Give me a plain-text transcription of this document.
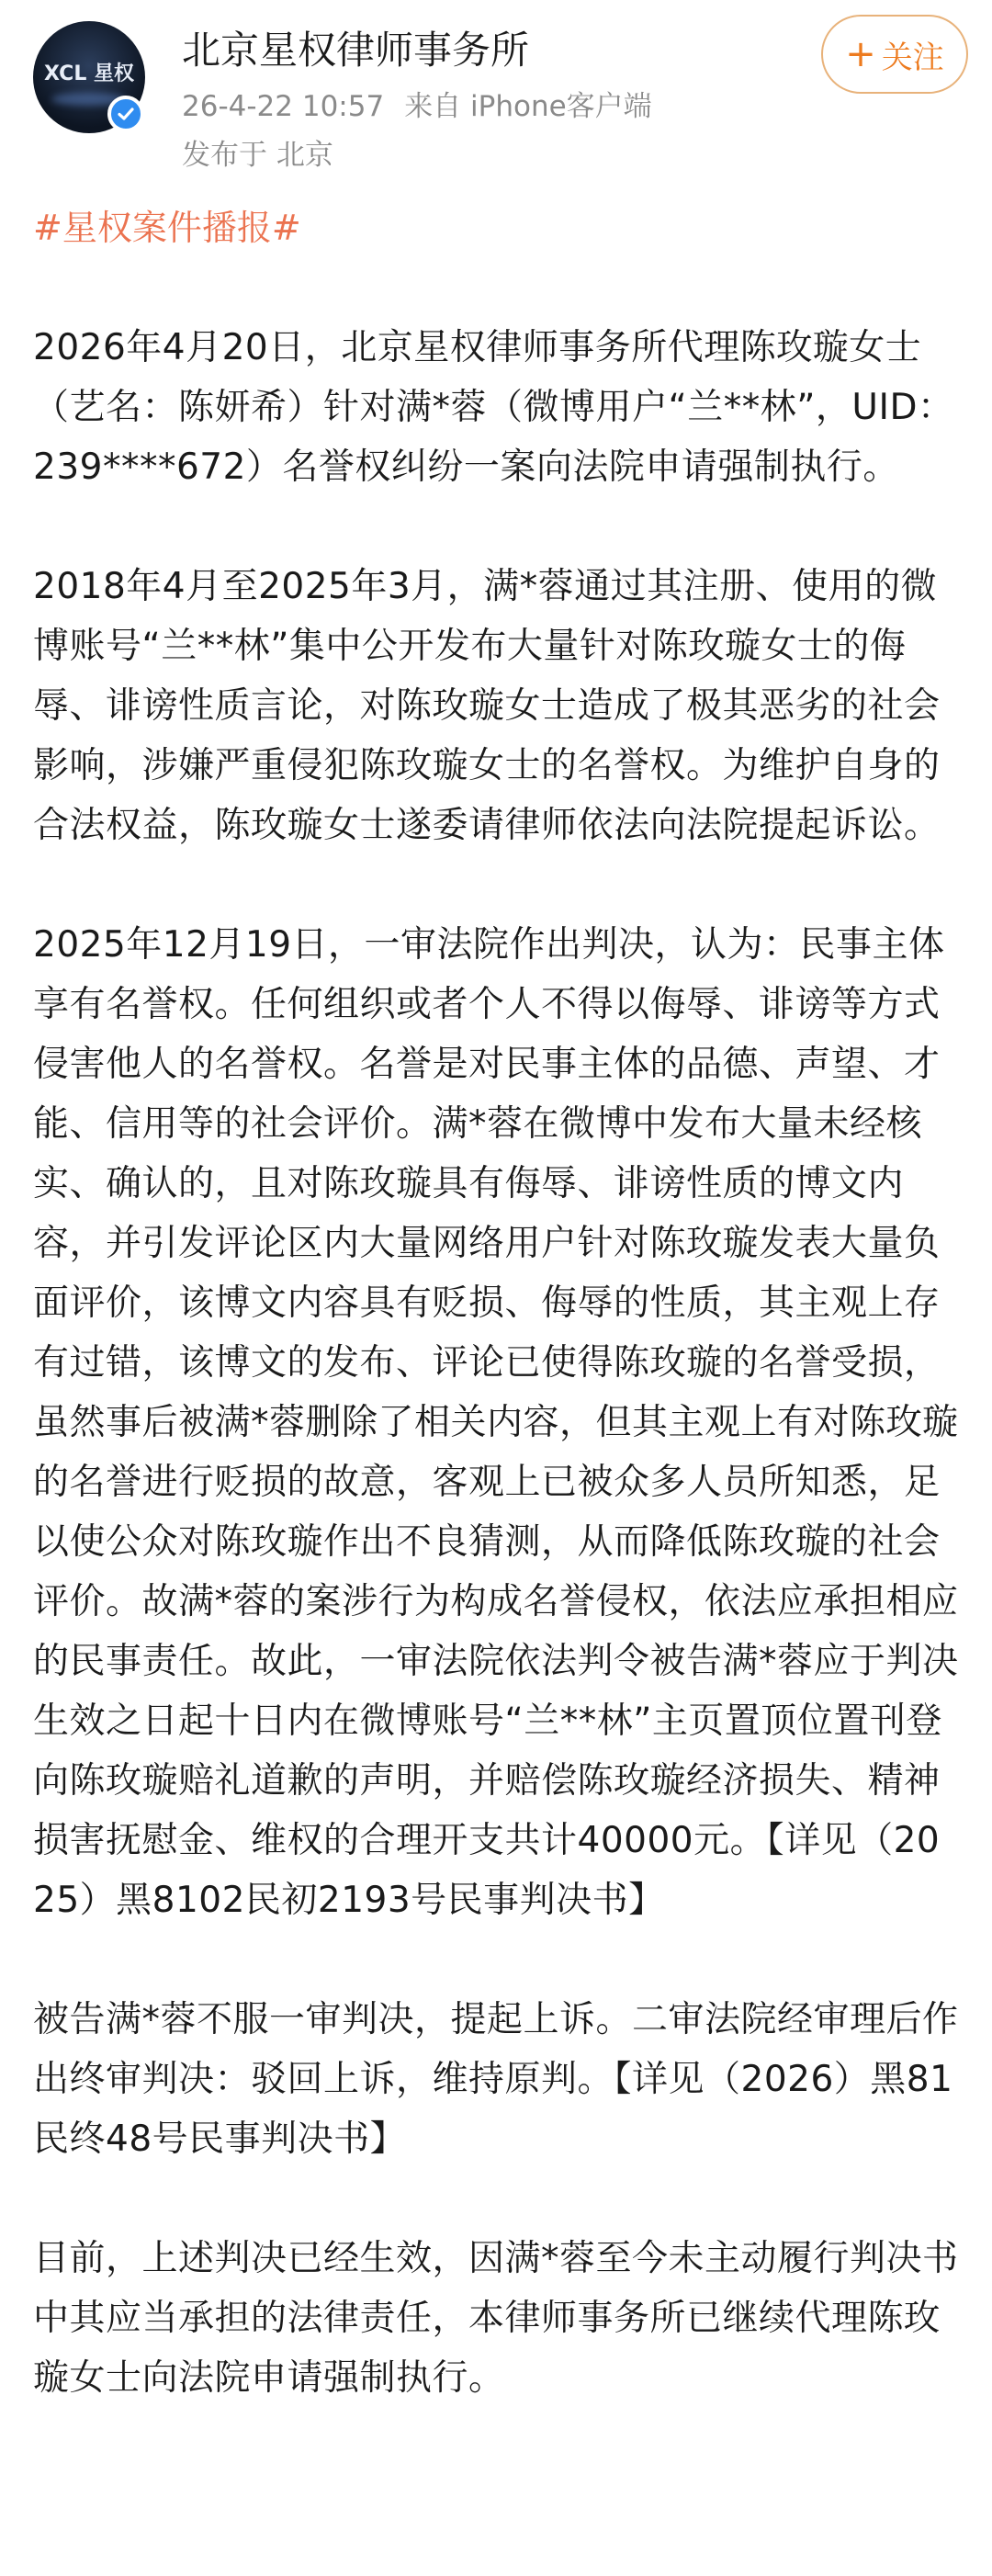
XCL 星权
北京星权律师事务所
26-4-22 10:57 来自 iPhone客户端
发布于 北京
+ 关注
#星权案件播报#

2026年4月20日，北京星权律师事务所代理陈玫璇女士（艺名：陈妍希）针对满*蓉（微博用户“兰**林”，UID：239****672）名誉权纠纷一案向法院申请强制执行。

2018年4月至2025年3月，满*蓉通过其注册、使用的微博账号“兰**林”集中公开发布大量针对陈玫璇女士的侮辱、诽谤性质言论，对陈玫璇女士造成了极其恶劣的社会影响，涉嫌严重侵犯陈玫璇女士的名誉权。为维护自身的合法权益，陈玫璇女士遂委请律师依法向法院提起诉讼。

2025年12月19日，一审法院作出判决，认为：民事主体享有名誉权。任何组织或者个人不得以侮辱、诽谤等方式侵害他人的名誉权。名誉是对民事主体的品德、声望、才能、信用等的社会评价。满*蓉在微博中发布大量未经核实、确认的，且对陈玫璇具有侮辱、诽谤性质的博文内容，并引发评论区内大量网络用户针对陈玫璇发表大量负面评价，该博文内容具有贬损、侮辱的性质，其主观上存有过错，该博文的发布、评论已使得陈玫璇的名誉受损，虽然事后被满*蓉删除了相关内容，但其主观上有对陈玫璇的名誉进行贬损的故意，客观上已被众多人员所知悉，足以使公众对陈玫璇作出不良猜测，从而降低陈玫璇的社会评价。故满*蓉的案涉行为构成名誉侵权，依法应承担相应的民事责任。故此，一审法院依法判令被告满*蓉应于判决生效之日起十日内在微博账号“兰**林”主页置顶位置刊登向陈玫璇赔礼道歉的声明，并赔偿陈玫璇经济损失、精神损害抚慰金、维权的合理开支共计40000元。【详见（2025）黑8102民初2193号民事判决书】

被告满*蓉不服一审判决，提起上诉。二审法院经审理后作出终审判决：驳回上诉，维持原判。【详见（2026）黑81民终48号民事判决书】

目前，上述判决已经生效，因满*蓉至今未主动履行判决书中其应当承担的法律责任，本律师事务所已继续代理陈玫璇女士向法院申请强制执行。
